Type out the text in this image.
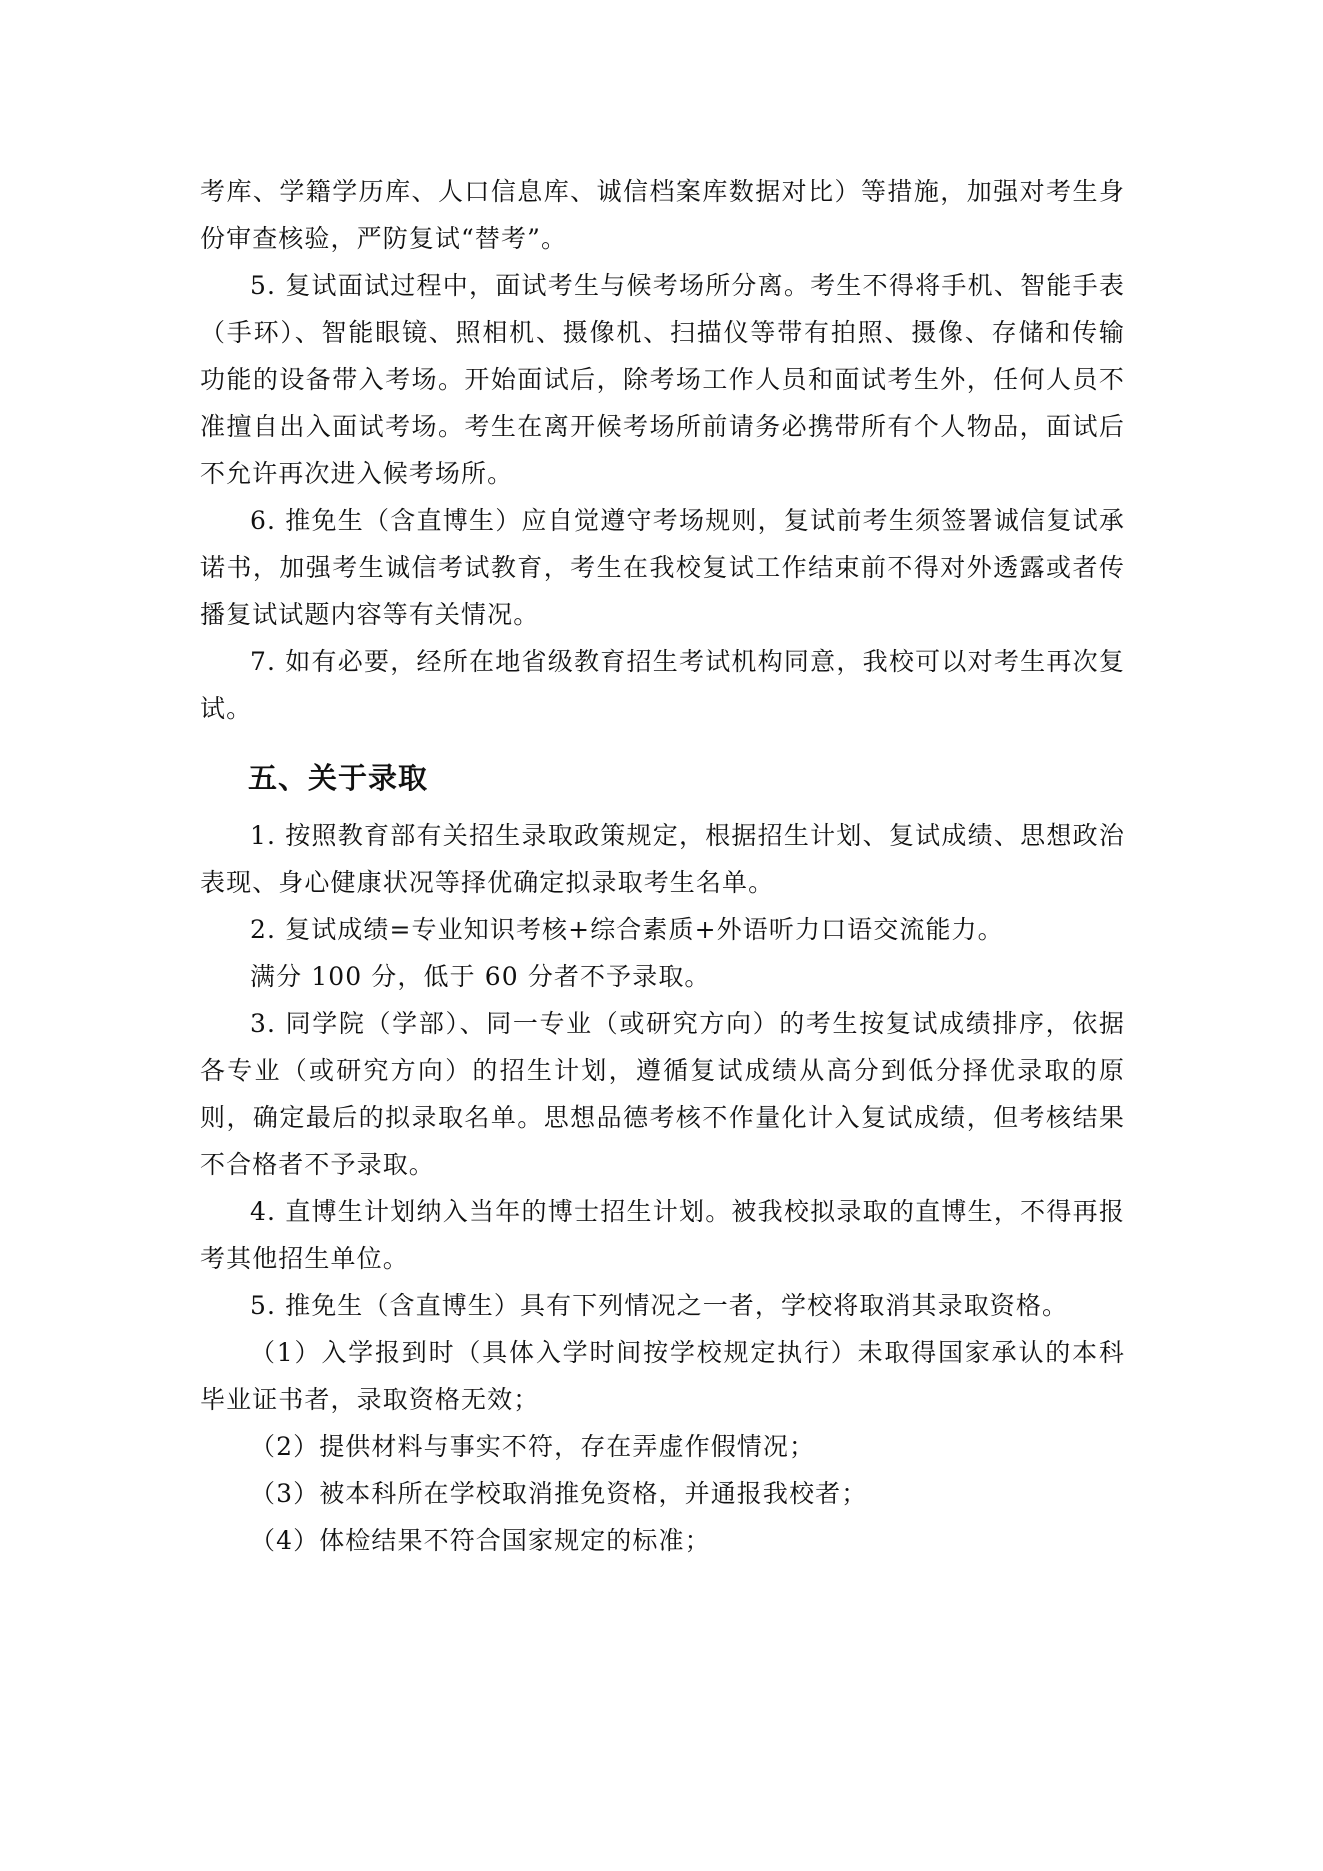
考库、学籍学历库、人口信息库、诚信档案库数据对比）等措施，加强对考生身份审查核验，严防复试“替考”。

5. 复试面试过程中，面试考生与候考场所分离。考生不得将手机、智能手表（手环）、智能眼镜、照相机、摄像机、扫描仪等带有拍照、摄像、存储和传输功能的设备带入考场。开始面试后，除考场工作人员和面试考生外，任何人员不准擅自出入面试考场。考生在离开候考场所前请务必携带所有个人物品，面试后不允许再次进入候考场所。

6. 推免生（含直博生）应自觉遵守考场规则，复试前考生须签署诚信复试承诺书，加强考生诚信考试教育，考生在我校复试工作结束前不得对外透露或者传播复试试题内容等有关情况。

7. 如有必要，经所在地省级教育招生考试机构同意，我校可以对考生再次复试。

五、关于录取

1. 按照教育部有关招生录取政策规定，根据招生计划、复试成绩、思想政治表现、身心健康状况等择优确定拟录取考生名单。

2. 复试成绩=专业知识考核+综合素质+外语听力口语交流能力。

满分 100 分，低于 60 分者不予录取。

3. 同学院（学部）、同一专业（或研究方向）的考生按复试成绩排序，依据各专业（或研究方向）的招生计划，遵循复试成绩从高分到低分择优录取的原则，确定最后的拟录取名单。思想品德考核不作量化计入复试成绩，但考核结果不合格者不予录取。

4. 直博生计划纳入当年的博士招生计划。被我校拟录取的直博生，不得再报考其他招生单位。

5. 推免生（含直博生）具有下列情况之一者，学校将取消其录取资格。

（1）入学报到时（具体入学时间按学校规定执行）未取得国家承认的本科毕业证书者，录取资格无效；

（2）提供材料与事实不符，存在弄虚作假情况；

（3）被本科所在学校取消推免资格，并通报我校者；

（4）体检结果不符合国家规定的标准；
